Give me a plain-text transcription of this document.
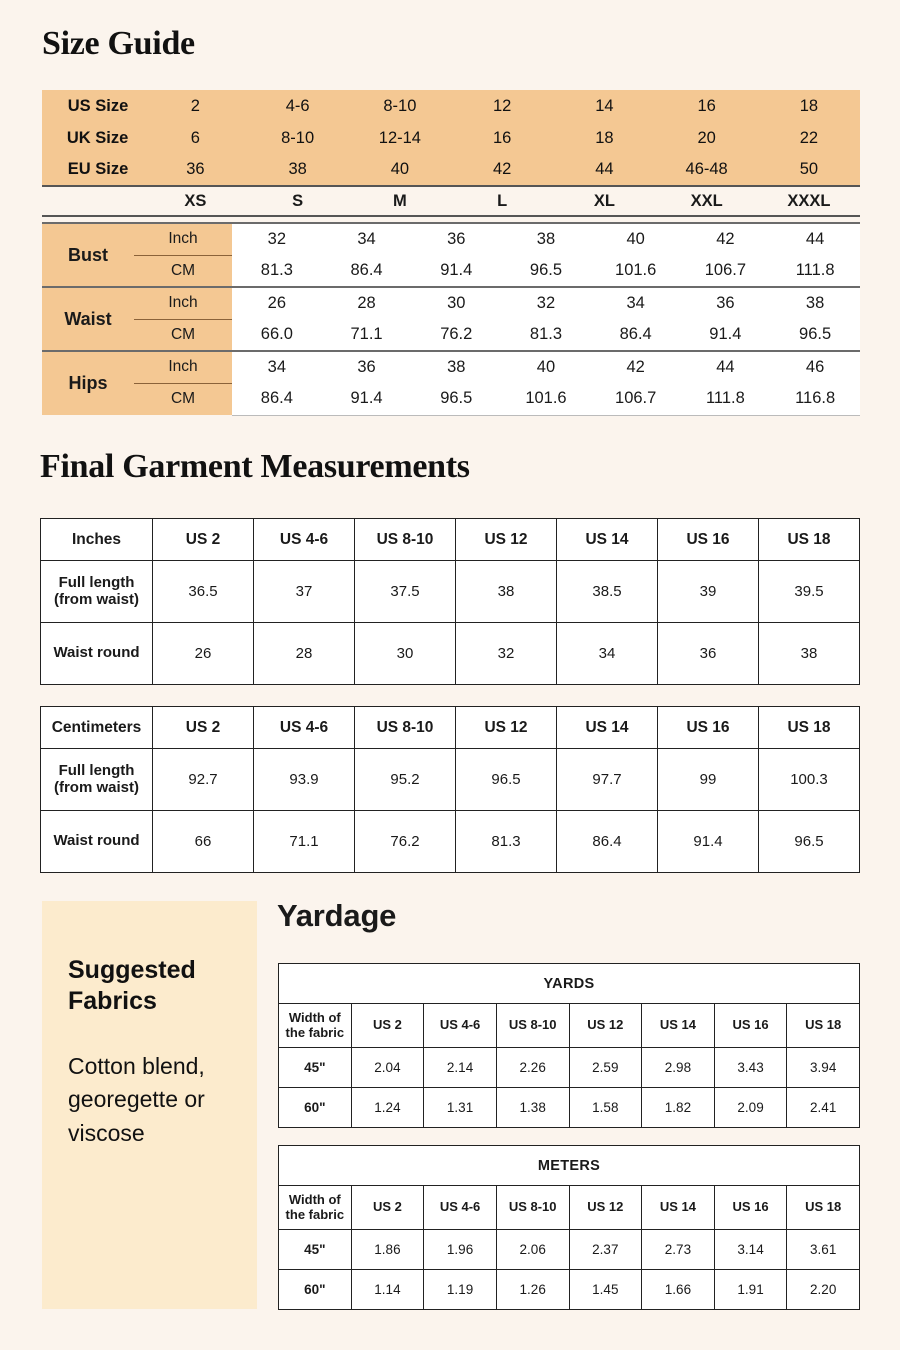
Size Guide
US Size	2	4-6	8-10	12	14	16	18
UK Size	6	8-10	12-14	16	18	20	22
EU Size	36	38	40	42	44	46-48	50
	XS	S	M	L	XL	XXL	XXXL
Bust	Inch	32	34	36	38	40	42	44
	CM	81.3	86.4	91.4	96.5	101.6	106.7	111.8
Waist	Inch	26	28	30	32	34	36	38
	CM	66.0	71.1	76.2	81.3	86.4	91.4	96.5
Hips	Inch	34	36	38	40	42	44	46
	CM	86.4	91.4	96.5	101.6	106.7	111.8	116.8
Final Garment Measurements
Inches	US 2	US 4-6	US 8-10	US 12	US 14	US 16	US 18
Full length
(from waist)	36.5	37	37.5	38	38.5	39	39.5
Waist round	26	28	30	32	34	36	38
Centimeters	US 2	US 4-6	US 8-10	US 12	US 14	US 16	US 18
Full length
(from waist)	92.7	93.9	95.2	96.5	97.7	99	100.3
Waist round	66	71.1	76.2	81.3	86.4	91.4	96.5
Suggested Fabrics
Cotton blend, georegette or viscose
Yardage
YARDS							
Width of
the fabric	US 2	US 4-6	US 8-10	US 12	US 14	US 16	US 18
45"	2.04	2.14	2.26	2.59	2.98	3.43	3.94
60"	1.24	1.31	1.38	1.58	1.82	2.09	2.41
METERS							
Width of
the fabric	US 2	US 4-6	US 8-10	US 12	US 14	US 16	US 18
45"	1.86	1.96	2.06	2.37	2.73	3.14	3.61
60"	1.14	1.19	1.26	1.45	1.66	1.91	2.20
